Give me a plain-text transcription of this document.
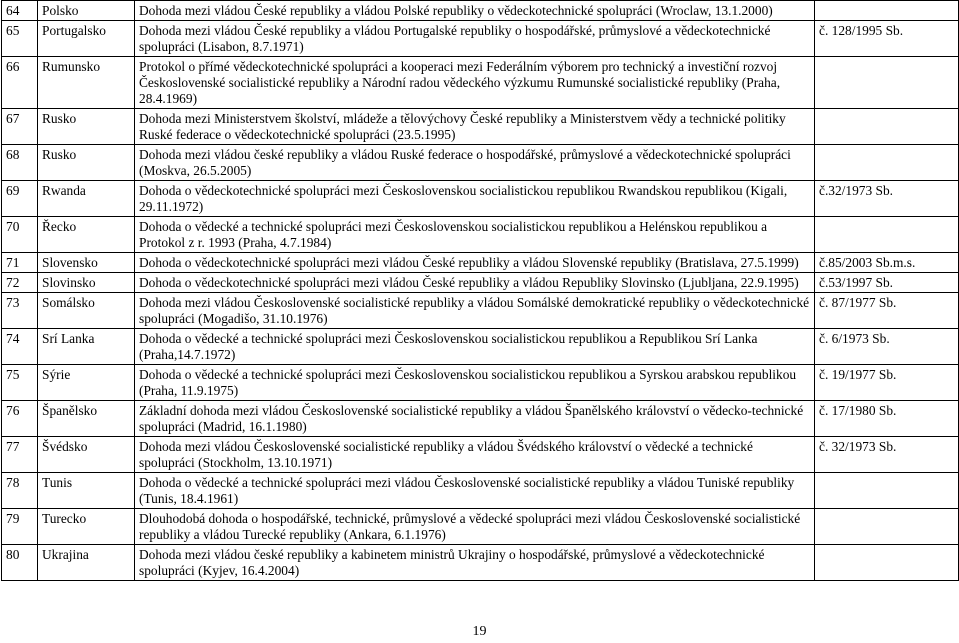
64	Polsko	Dohoda mezi vládou České republiky a vládou Polské republiky o vědeckotechnické spolupráci (Wroclaw, 13.1.2000)	
65	Portugalsko	Dohoda mezi vládou České republiky a vládou Portugalské republiky o hospodářské, průmyslové a vědeckotechnické spolupráci (Lisabon, 8.7.1971)	č. 128/1995 Sb.
66	Rumunsko	Protokol o přímé vědeckotechnické spolupráci a kooperaci mezi Federálním výborem pro technický a investiční rozvoj Československé socialistické republiky a Národní radou vědeckého výzkumu Rumunské socialistické republiky (Praha, 28.4.1969)	
67	Rusko	Dohoda mezi Ministerstvem školství, mládeže a tělovýchovy České republiky a Ministerstvem vědy a technické politiky Ruské federace o vědeckotechnické spolupráci (23.5.1995)	
68	Rusko	Dohoda mezi vládou české republiky a vládou Ruské federace o hospodářské, průmyslové a vědeckotechnické spolupráci (Moskva, 26.5.2005)	
69	Rwanda	Dohoda o vědeckotechnické spolupráci mezi Československou socialistickou republikou Rwandskou republikou (Kigali, 29.11.1972)	č.32/1973 Sb.
70	Řecko	Dohoda o vědecké a technické spolupráci mezi Československou socialistickou republikou a Helénskou republikou a Protokol z r. 1993 (Praha, 4.7.1984)	
71	Slovensko	Dohoda o vědeckotechnické spolupráci mezi vládou České republiky a vládou Slovenské republiky (Bratislava, 27.5.1999)	č.85/2003 Sb.m.s.
72	Slovinsko	Dohoda o vědeckotechnické spolupráci mezi vládou České republiky a vládou Republiky Slovinsko (Ljubljana, 22.9.1995)	č.53/1997 Sb.
73	Somálsko	Dohoda mezi vládou Československé socialistické republiky a vládou Somálské demokratické republiky o vědeckotechnické spolupráci (Mogadišo, 31.10.1976)	č. 87/1977 Sb.
74	Srí Lanka	Dohoda o vědecké a technické spolupráci mezi Československou socialistickou republikou a Republikou Srí Lanka (Praha,14.7.1972)	č. 6/1973 Sb.
75	Sýrie	Dohoda o vědecké a technické spolupráci mezi Československou socialistickou republikou a Syrskou arabskou republikou (Praha, 11.9.1975)	č. 19/1977 Sb.
76	Španělsko	Základní dohoda mezi vládou Československé socialistické republiky a vládou Španělského království o vědecko-technické spolupráci (Madrid, 16.1.1980)	č. 17/1980 Sb.
77	Švédsko	Dohoda mezi vládou Československé socialistické republiky a vládou Švédského království o vědecké a technické spolupráci (Stockholm, 13.10.1971)	č. 32/1973 Sb.
78	Tunis	Dohoda o vědecké a technické spolupráci mezi vládou Československé socialistické republiky a vládou Tuniské republiky (Tunis, 18.4.1961)	
79	Turecko	Dlouhodobá dohoda o hospodářské, technické, průmyslové a vědecké spolupráci mezi vládou Československé socialistické republiky a vládou Turecké republiky (Ankara, 6.1.1976)	
80	Ukrajina	Dohoda mezi vládou české republiky a kabinetem ministrů Ukrajiny o hospodářské, průmyslové a vědeckotechnické spolupráci (Kyjev, 16.4.2004)	
19
